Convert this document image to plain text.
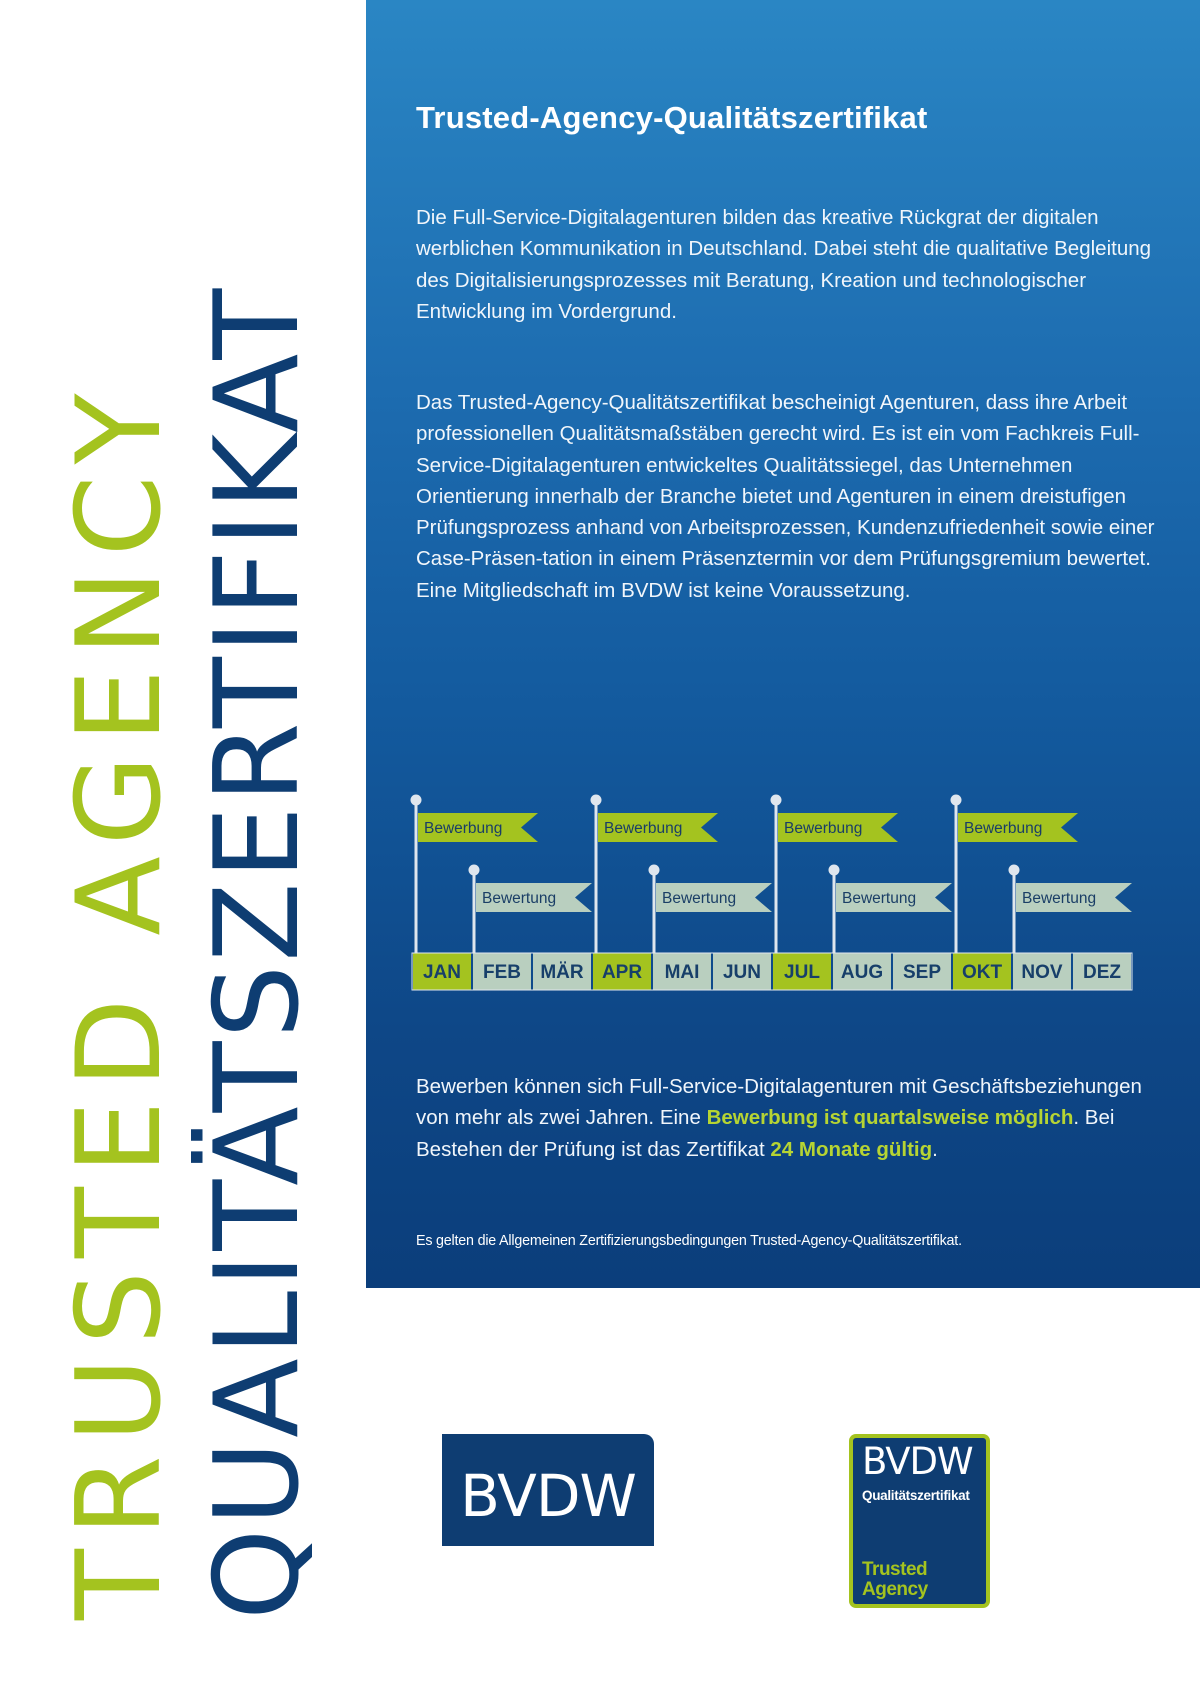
TRUSTED AGENCY QUALITÄTSZERTIFIKAT
Trusted-Agency-Qualitätszertifikat

Die Full-Service-Digitalagenturen bilden das kreative Rückgrat der digitalen werblichen Kommunikation in Deutschland. Dabei steht die qualitative Begleitung des Digitalisierungsprozesses mit Beratung, Kreation und technologischer Entwicklung im Vordergrund.

Das Trusted-Agency-Qualitätszertifikat bescheinigt Agenturen, dass ihre Arbeit professionellen Qualitätsmaßstäben gerecht wird. Es ist ein vom Fachkreis Full-Service-Digitalagenturen entwickeltes Qualitätssiegel, das Unternehmen Orientierung innerhalb der Branche bietet und Agenturen in einem dreistufigen Prüfungsprozess anhand von Arbeitsprozessen, Kundenzufriedenheit sowie einer Case-Präsen-tation in einem Präsenztermin vor dem Prüfungsgremium bewertet. Eine Mitgliedschaft im BVDW ist keine Voraussetzung.

Bewerbung
Bewertung
Bewerbung
Bewertung
Bewerbung
Bewertung
Bewerbung
Bewertung
JAN FEB MÄR APR MAI JUN JUL AUG SEP OKT NOV DEZ

Bewerben können sich Full-Service-Digitalagenturen mit Geschäftsbeziehungen von mehr als zwei Jahren. Eine Bewerbung ist quartalsweise möglich. Bei Bestehen der Prüfung ist das Zertifikat 24 Monate gültig.

Es gelten die Allgemeinen Zertifizierungsbedingungen Trusted-Agency-Qualitätszertifikat.

BVDW
BVDW
Qualitätszertifikat
Trusted
Agency
